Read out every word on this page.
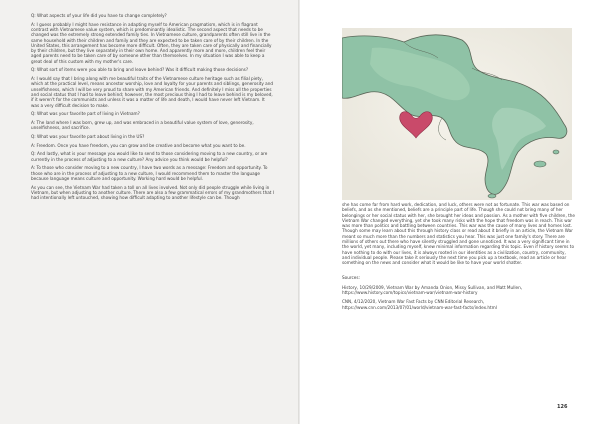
Q: What aspects of your life did you have to change completely?

A: I guess probably I might have resistance in adapting myself to American pragmatism, which is in flagrant contrast with Vietnamese value system, which is predominantly idealistic. The second aspect that needs to be changed was the extremely strong extended family ties. In Vietnamese culture, grandparents often still live in the same household with their children and family and they are expected to be taken care of by their children. In the United States, this arrangement has become more difficult. Often, they are taken care of physically and financially by their children, but they live separately in their own home. And apparently more and more, children feel their aged parents need to be taken care of by someone other than themselves. In my situation I was able to keep a great deal of this custom with my mother's care.

Q: What sort of items were you able to bring and leave behind? Was it difficult making those decisions?

A: I would say that I bring along with me beautiful traits of the Vietnamese culture heritage such as filial piety, which at the practical level, means ancestor worship, love and loyalty for your parents and siblings, generosity and unselfishness, which I will be very proud to share with my American friends. And definitely I miss all the properties and social status that I had to leave behind; however, the most precious thing I had to leave behind is my beloved, if it weren't for the communists and unless it was a matter of life and death, I would have never left Vietnam. It was a very difficult decision to make.

Q: What was your favorite part of living in Vietnam?

A: The land where I was born, grew up, and was embraced in a beautiful value system of love, generosity, unselfishness, and sacrifice.

Q: What was your favorite part about living in the US?

A: Freedom. Once you have freedom, you can grow and be creative and become what you want to be.

Q: And lastly, what is your message you would like to send to those considering moving to a new country, or are currently in the process of adjusting to a new culture? Any advice you think would be helpful?

A: To those who consider moving to a new country, I have two words as a message: Freedom and opportunity. To those who are in the process of adjusting to a new culture, I would recommend them to master the language because language means culture and opportunity. Working hard would be helpful.

As you can see, the Vietnam War had taken a toll on all lives involved. Not only did people struggle while living in Vietnam, but when adjusting to another culture. There are also a few grammatical errors of my grandmothers that I had intentionally left untouched, showing how difficult adapting to another lifestyle can be. Though

she has come far from hard work, dedication, and luck, others were not as fortunate. This war was based on beliefs, and as she mentioned, beliefs are a principle part of life. Though she could not bring many of her belongings or her social status with her, she brought her ideas and passion. As a mother with five children, the Vietnam War changed everything, yet she took many risks with the hope that freedom was in reach. This war was more than politics and battling between countries. This war was the cause of many lives and homes lost. Though some may learn about this through history class or read about it briefly in an article, the Vietnam War meant so much more than the numbers and statistics you hear. This was just one family's story. There are millions of others out there who have silently struggled and gone unnoticed. It was a very significant time in the world, yet many, including myself, knew minimal information regarding this topic. Even if history seems to have nothing to do with our lives, it is always rooted in our identities as a civilization, country, community, and individual people. Please take it seriously the next time you pick up a textbook, read an article or hear something on the news and consider what it would be like to have your world shatter.

Sources:

History, 10/29/2009, Vietnam War by Amanda Onion, Missy Sullivan, and Matt Mullen, https://www.history.com/topics/vietnam-war/vietnam-war-history

CNN, 4/12/2020, Vietnam War Fast Facts by CNN Editorial Research, https://www.cnn.com/2013/07/01/world/vietnam-war-fast-facts/index.html

126
